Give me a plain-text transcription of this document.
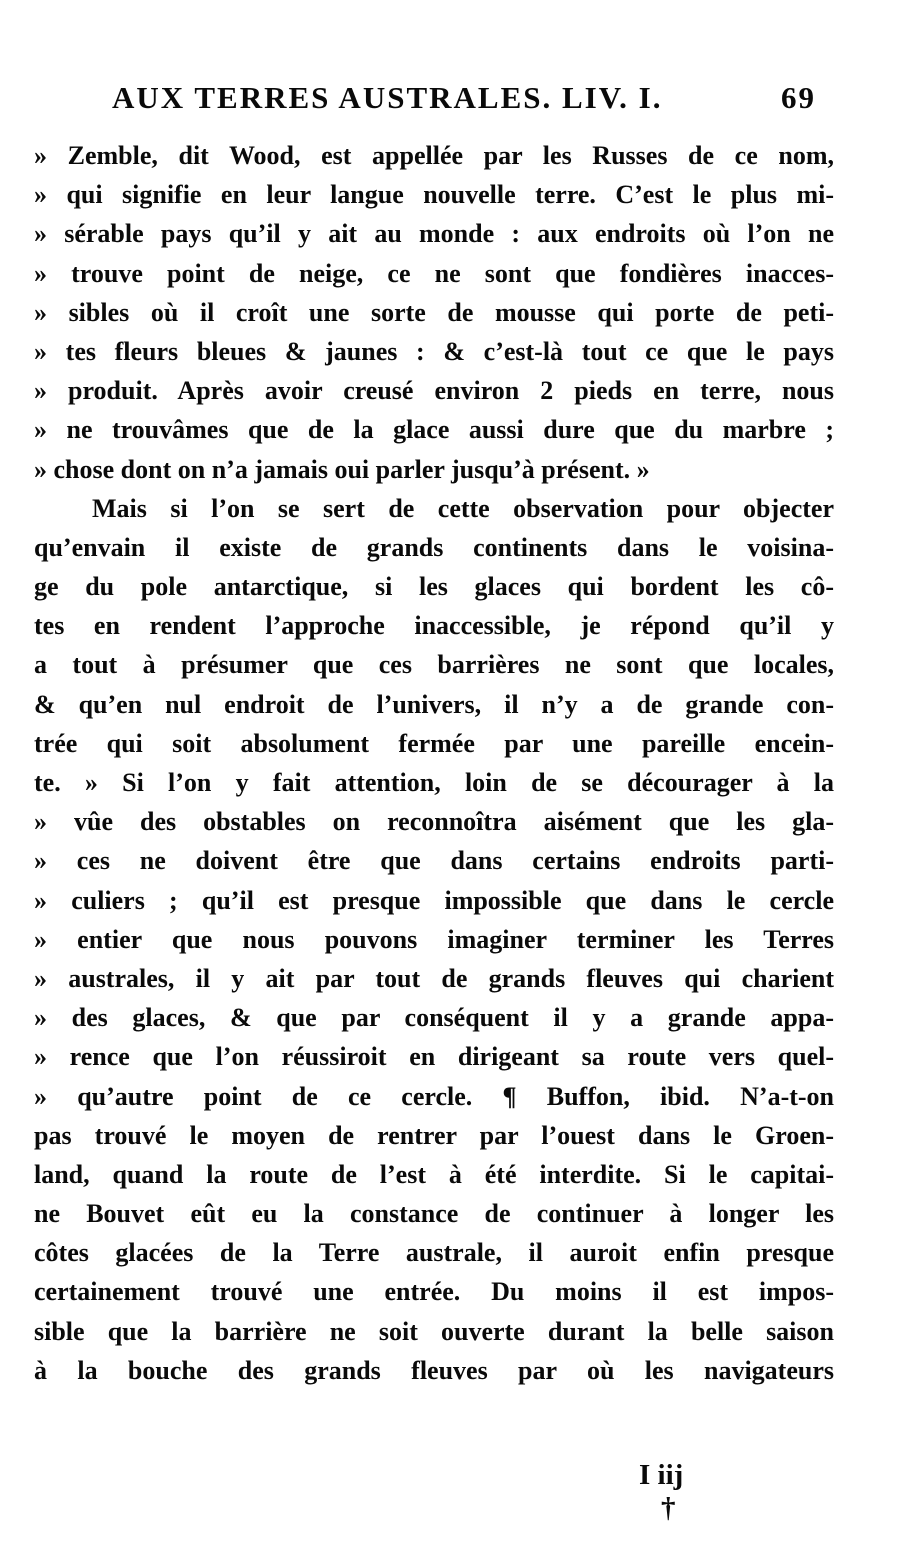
AUX TERRES AUSTRALES. LIV. I.	69
» Zemble, dit Wood, est appellée par les Russes de ce nom,
» qui signifie en leur langue nouvelle terre. C’est le plus mi-
» sérable pays qu’il y ait au monde : aux endroits où l’on ne
» trouve point de neige, ce ne sont que fondières inacces-
» sibles où il croît une sorte de mousse qui porte de peti-
» tes fleurs bleues & jaunes : & c’est-là tout ce que le pays
» produit. Après avoir creusé environ 2 pieds en terre, nous
» ne trouvâmes que de la glace aussi dure que du marbre ;
» chose dont on n’a jamais oui parler jusqu’à présent. »
Mais si l’on se sert de cette observation pour objecter
qu’envain il existe de grands continents dans le voisina-
ge du pole antarctique, si les glaces qui bordent les cô-
tes en rendent l’approche inaccessible, je répond qu’il y
a tout à présumer que ces barrières ne sont que locales,
& qu’en nul endroit de l’univers, il n’y a de grande con-
trée qui soit absolument fermée par une pareille encein-
te. » Si l’on y fait attention, loin de se décourager à la
» vûe des obstables on reconnoîtra aisément que les gla-
» ces ne doivent être que dans certains endroits parti-
» culiers ; qu’il est presque impossible que dans le cercle
» entier que nous pouvons imaginer terminer les Terres
» australes, il y ait par tout de grands fleuves qui charient
» des glaces, & que par conséquent il y a grande appa-
» rence que l’on réussiroit en dirigeant sa route vers quel-
» qu’autre point de ce cercle. ¶ Buffon, ibid. N’a-t-on
pas trouvé le moyen de rentrer par l’ouest dans le Groen-
land, quand la route de l’est à été interdite. Si le capitai-
ne Bouvet eût eu la constance de continuer à longer les
côtes glacées de la Terre australe, il auroit enfin presque
certainement trouvé une entrée. Du moins il est impos-
sible que la barrière ne soit ouverte durant la belle saison
à la bouche des grands fleuves par où les navigateurs

I iij
†
